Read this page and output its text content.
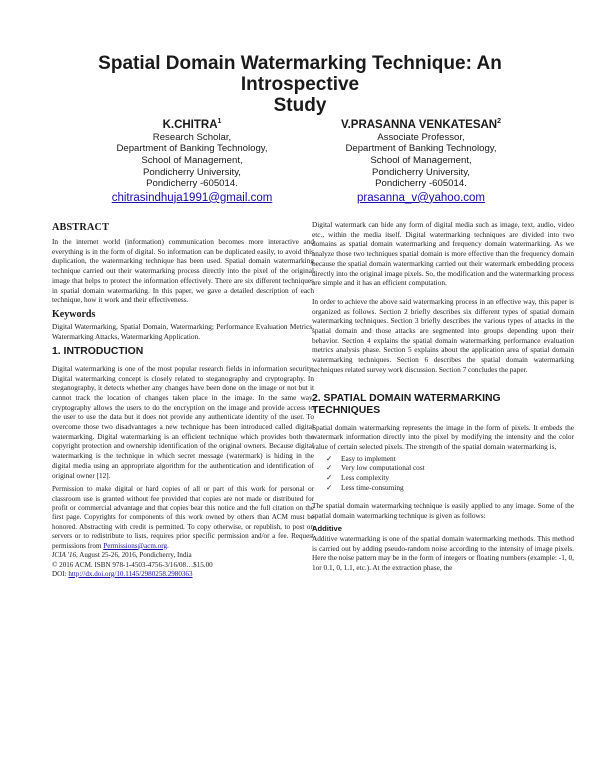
Spatial Domain Watermarking Technique: An Introspective
Study
K.CHITRA$^1$
Research Scholar,
Department of Banking Technology,
School of Management,
Pondicherry University,
Pondicherry -605014.
chitrasindhuja1991@gmail.com
V.PRASANNA VENKATESAN$^2$
Associate Professor,
Department of Banking Technology,
School of Management,
Pondicherry University,
Pondicherry -605014.
prasanna_v@yahoo.com
ABSTRACT

In the internet world (information) communication becomes more interactive and everything is in the form of digital. So information can be duplicated easily, to avoid this duplication, the watermarking technique has been used. Spatial domain watermarking technique carried out their watermarking process directly into the pixel of the original image that helps to protect the information effectively. There are six different techniques in spatial domain watermarking. In this paper, we gave a detailed description of each technique, how it work and their effectiveness.

Keywords

Digital Watermarking, Spatial Domain, Watermarking; Performance Evaluation Metrics, Watermarking Attacks, Watermarking Application.

1. INTRODUCTION

Digital watermarking is one of the most popular research fields in information security. Digital watermarking concept is closely related to steganography and cryptography. In steganography, it detects whether any changes have been done on the image or not but it cannot track the location of changes taken place in the image. In the same way, cryptography allows the users to do the encryption on the image and provide access to the user to use the data but it does not provide any authenticate identity of the user. To overcome those two disadvantages a new technique has been introduced called digital watermarking. Digital watermarking is an efficient technique which provides both the copyright protection and ownership identification of the original owners. Because digital watermarking is the technique in which secret message (watermark) is hiding in the digital media using an appropriate algorithm for the authentication and identification of original owner [12].

Permission to make digital or hard copies of all or part of this work for personal or classroom use is granted without fee provided that copies are not made or distributed for profit or commercial advantage and that copies bear this notice and the full citation on the first page. Copyrights for components of this work owned by others than ACM must be honored. Abstracting with credit is permitted. To copy otherwise, or republish, to post on servers or to redistribute to lists, requires prior specific permission and/or a fee. Request permissions from Permissions@acm.org.
ICIA '16, August 25-26, 2016, Pondicherry, India
© 2016 ACM. ISBN 978-1-4503-4756-3/16/08…$15.00
DOI: http://dx.doi.org/10.1145/2980258.2980363

Digital watermark can hide any form of digital media such as image, text, audio, video etc., within the media itself. Digital watermarking techniques are divided into two domains as spatial domain watermarking and frequency domain watermarking. As we analyze those two techniques spatial domain is more effective than the frequency domain because the spatial domain watermarking carried out their watermark embedding process directly into the original image pixels. So, the modification and the watermarking process are simple and it has an efficient computation.

In order to achieve the above said watermarking process in an effective way, this paper is organized as follows. Section 2 briefly describes six different types of spatial domain watermarking techniques. Section 3 briefly describes the various types of attacks in the spatial domain and those attacks are segmented into groups depending upon their behavior. Section 4 explains the spatial domain watermarking performance evaluation metrics analysis phase. Section 5 explains about the application area of spatial domain watermarking techniques. Section 6 describes the spatial domain watermarking techniques related survey work discussion. Section 7 concludes the paper.

2. SPATIAL DOMAIN WATERMARKING
TECHNIQUES

Spatial domain watermarking represents the image in the form of pixels. It embeds the watermark information directly into the pixel by modifying the intensity and the color value of certain selected pixels. The strength of the spatial domain watermarking is,

✓ Easy to implement
✓ Very low computational cost
✓ Less complexity
✓ Less time-consuming

The spatial domain watermarking technique is easily applied to any image. Some of the spatial domain watermarking technique is given as follows:

Additive

Additive watermarking is one of the spatial domain watermarking methods. This method is carried out by adding pseudo-random noise according to the intensity of image pixels. Here the noise pattern may be in the form of integers or floating numbers (example: -1, 0, 1or 0.1, 0, 1.1, etc.). At the extraction phase, the
